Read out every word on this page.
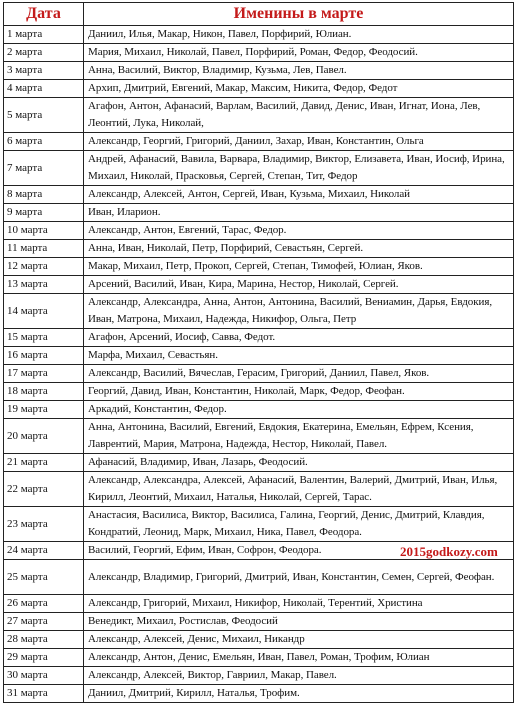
Дата	Именины в марте
1 марта	Даниил, Илья, Макар, Никон, Павел, Порфирий, Юлиан.
2 марта	Мария, Михаил, Николай, Павел, Порфирий, Роман, Федор, Феодосий.
3 марта	Анна, Василий, Виктор, Владимир, Кузьма, Лев, Павел.
4 марта	Архип, Дмитрий, Евгений, Макар, Максим, Никита, Федор, Федот
5 марта	Агафон, Антон, Афанасий, Варлам, Василий, Давид, Денис, Иван, Игнат, Иона, Лев, Леонтий, Лука, Николай,
6 марта	Александр, Георгий, Григорий, Даниил, Захар, Иван, Константин, Ольга
7 марта	Андрей, Афанасий, Вавила, Варвара, Владимир, Виктор, Елизавета, Иван, Иосиф, Ирина, Михаил, Николай, Прасковья, Сергей, Степан, Тит, Федор
8 марта	Александр, Алексей, Антон, Сергей, Иван, Кузьма, Михаил, Николай
9 марта	Иван, Иларион.
10 марта	Александр, Антон, Евгений, Тарас, Федор.
11 марта	Анна, Иван, Николай, Петр, Порфирий, Севастьян, Сергей.
12 марта	Макар, Михаил, Петр, Прокоп, Сергей, Степан, Тимофей, Юлиан, Яков.
13 марта	Арсений, Василий, Иван, Кира, Марина, Нестор, Николай, Сергей.
14 марта	Александр, Александра, Анна, Антон, Антонина, Василий, Вениамин, Дарья, Евдокия, Иван, Матрона, Михаил, Надежда, Никифор, Ольга, Петр
15 марта	Агафон, Арсений, Иосиф, Савва, Федот.
16 марта	Марфа, Михаил, Севастьян.
17 марта	Александр, Василий, Вячеслав, Герасим, Григорий, Даниил, Павел, Яков.
18 марта	Георгий, Давид, Иван, Константин, Николай, Марк, Федор, Феофан.
19 марта	Аркадий, Константин, Федор.
20 марта	Анна, Антонина, Василий, Евгений, Евдокия, Екатерина, Емельян, Ефрем, Ксения, Лаврентий, Мария, Матрона, Надежда, Нестор, Николай, Павел.
21 марта	Афанасий, Владимир, Иван, Лазарь, Феодосий.
22 марта	Александр, Александра, Алексей, Афанасий, Валентин, Валерий, Дмитрий, Иван, Илья, Кирилл, Леонтий, Михаил, Наталья, Николай, Сергей, Тарас.
23 марта	Анастасия, Василиса, Виктор, Василиса, Галина, Георгий, Денис, Дмитрий, Клавдия, Кондратий, Леонид, Марк, Михаил, Ника, Павел, Феодора.
24 марта	Василий, Георгий, Ефим, Иван, Софрон, Феодора.
25 марта	Александр, Владимир, Григорий, Дмитрий, Иван, Константин, Семен, Сергей, Феофан.
26 марта	Александр, Григорий, Михаил, Никифор, Николай, Терентий, Христина
27 марта	Венедикт, Михаил, Ростислав, Феодосий
28 марта	Александр, Алексей, Денис, Михаил, Никандр
29 марта	Александр, Антон, Денис, Емельян, Иван, Павел, Роман, Трофим, Юлиан
30 марта	Александр, Алексей, Виктор, Гавриил, Макар, Павел.
31 марта	Даниил, Дмитрий, Кирилл, Наталья, Трофим.
2015godkozy.com
